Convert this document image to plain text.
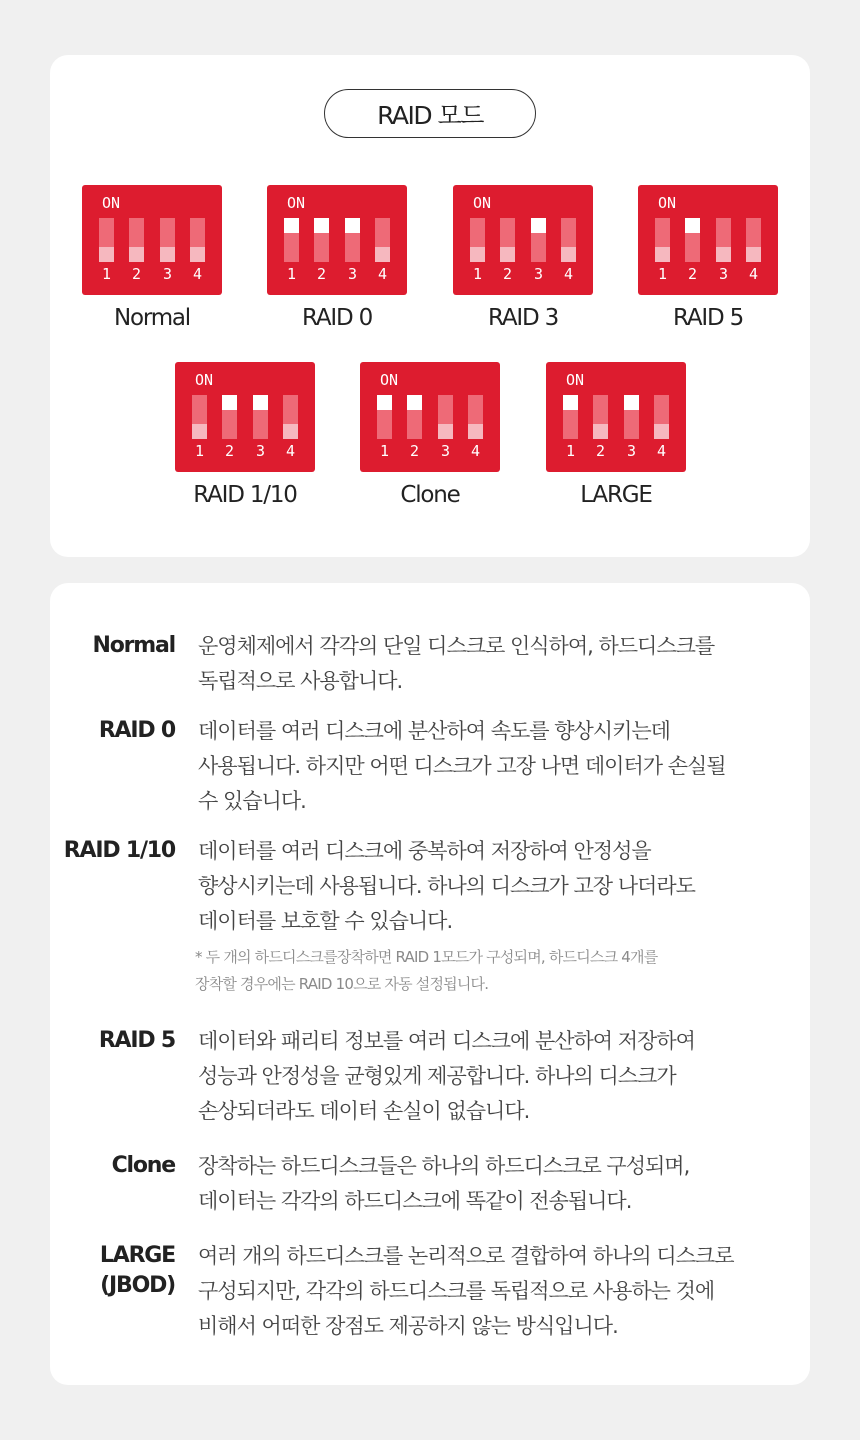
RAID 모드
ON
1 2 3 4
Normal
ON
1 2 3 4
RAID 0
ON
1 2 3 4
RAID 3
ON
1 2 3 4
RAID 5
ON
1 2 3 4
RAID 1/10
ON
1 2 3 4
Clone
ON
1 2 3 4
LARGE
Normal 운영체제에서 각각의 단일 디스크로 인식하여, 하드디스크를
독립적으로 사용합니다.
RAID 0 데이터를 여러 디스크에 분산하여 속도를 향상시키는데
사용됩니다. 하지만 어떤 디스크가 고장 나면 데이터가 손실될
수 있습니다.
RAID 1/10 데이터를 여러 디스크에 중복하여 저장하여 안정성을
향상시키는데 사용됩니다. 하나의 디스크가 고장 나더라도
데이터를 보호할 수 있습니다.
* 두 개의 하드디스크를장착하면 RAID 1모드가 구성되며, 하드디스크 4개를
장착할 경우에는 RAID 10으로 자동 설정됩니다.
RAID 5 데이터와 패리티 정보를 여러 디스크에 분산하여 저장하여
성능과 안정성을 균형있게 제공합니다. 하나의 디스크가
손상되더라도 데이터 손실이 없습니다.
Clone 장착하는 하드디스크들은 하나의 하드디스크로 구성되며,
데이터는 각각의 하드디스크에 똑같이 전송됩니다.
LARGE
(JBOD)
여러 개의 하드디스크를 논리적으로 결합하여 하나의 디스크로
구성되지만, 각각의 하드디스크를 독립적으로 사용하는 것에
비해서 어떠한 장점도 제공하지 않는 방식입니다.
